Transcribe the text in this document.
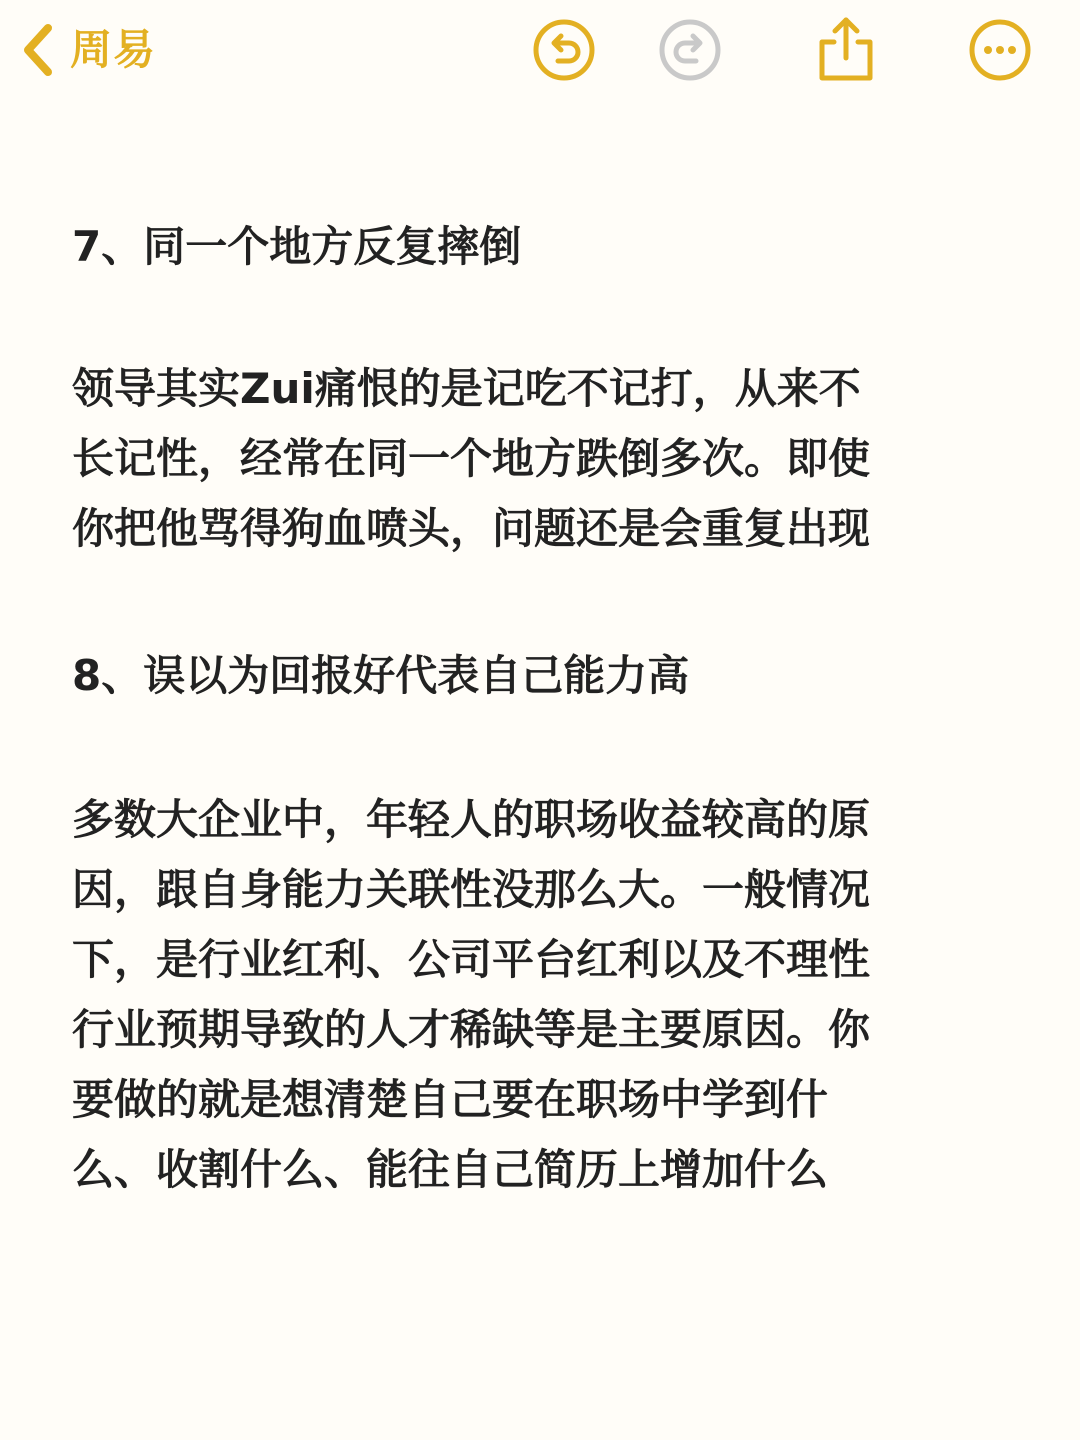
周易
7、同一个地方反复摔倒
领导其实Zui痛恨的是记吃不记打，从来不
长记性，经常在同一个地方跌倒多次。即使
你把他骂得狗血喷头，问题还是会重复出现
8、误以为回报好代表自己能力高
多数大企业中，年轻人的职场收益较高的原
因，跟自身能力关联性没那么大。一般情况
下，是行业红利、公司平台红利以及不理性
行业预期导致的人才稀缺等是主要原因。你
要做的就是想清楚自己要在职场中学到什
么、收割什么、能往自己简历上增加什么
